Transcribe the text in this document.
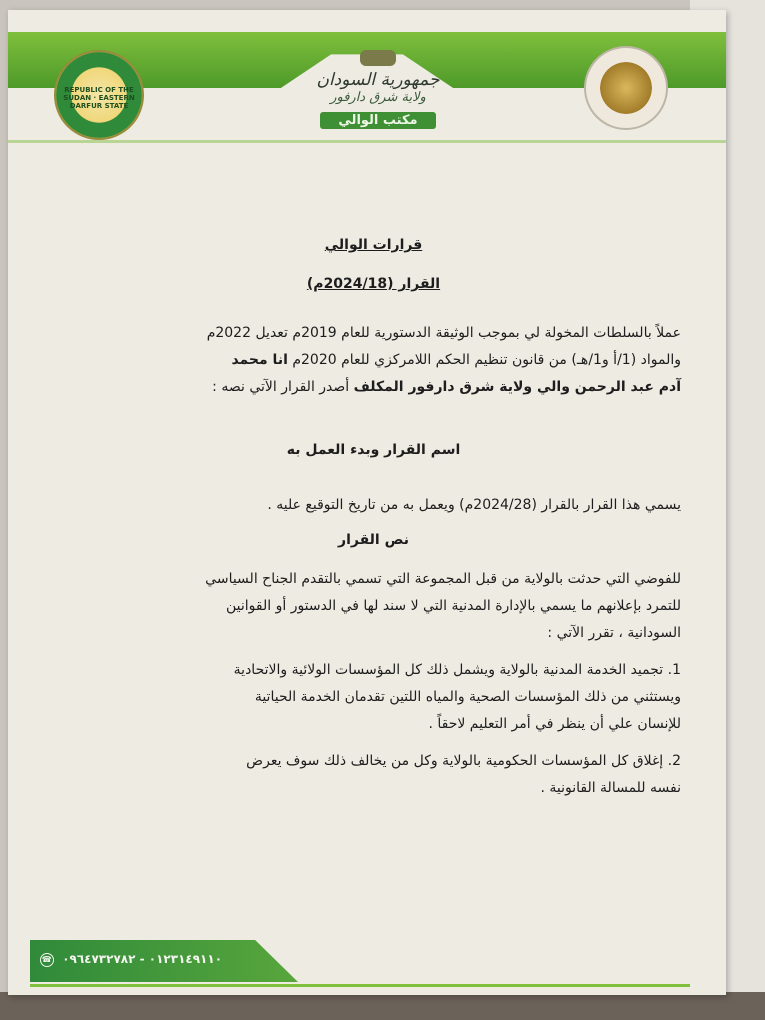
REPUBLIC OF THE SUDAN · EASTERN DARFUR STATE
جمهورية السودان
ولاية شرق دارفور
مكتب الوالي

قرارات الوالي

القرار (2024/18م)

عملاً بالسلطات المخولة لي بموجب الوثيقة الدستورية للعام 2019م تعديل 2022م

والمواد (1/أ و1/هـ) من قانون تنظيم الحكم اللامركزي للعام 2020م انا محمد

آدم عبد الرحمن والي ولاية شرق دارفور المكلف أصدر القرار الآتي نصه :

اسم القرار وبدء العمل به

يسمي هذا القرار بالقرار (2024/28م) ويعمل به من تاريخ التوقيع عليه .

نص القرار

للفوضي التي حدثت بالولاية من قبل المجموعة التي تسمي بالتقدم الجناح السياسي

للتمرد بإعلانهم ما يسمي بالإدارة المدنية التي لا سند لها في الدستور أو القوانين

السودانية ، تقرر الآتي :

1. تجميد الخدمة المدنية بالولاية ويشمل ذلك كل المؤسسات الولائية والاتحادية

ويستثني من ذلك المؤسسات الصحية والمياه اللتين تقدمان الخدمة الحياتية

للإنسان علي أن ينظر في أمر التعليم لاحقاً .

2. إغلاق كل المؤسسات الحكومية بالولاية وكل من يخالف ذلك سوف يعرض

نفسه للمسالة القانونية .

☎ ٠١٢٣١٤٩١١٠ - ٠٩٦٤٧٣٢٧٨٢
